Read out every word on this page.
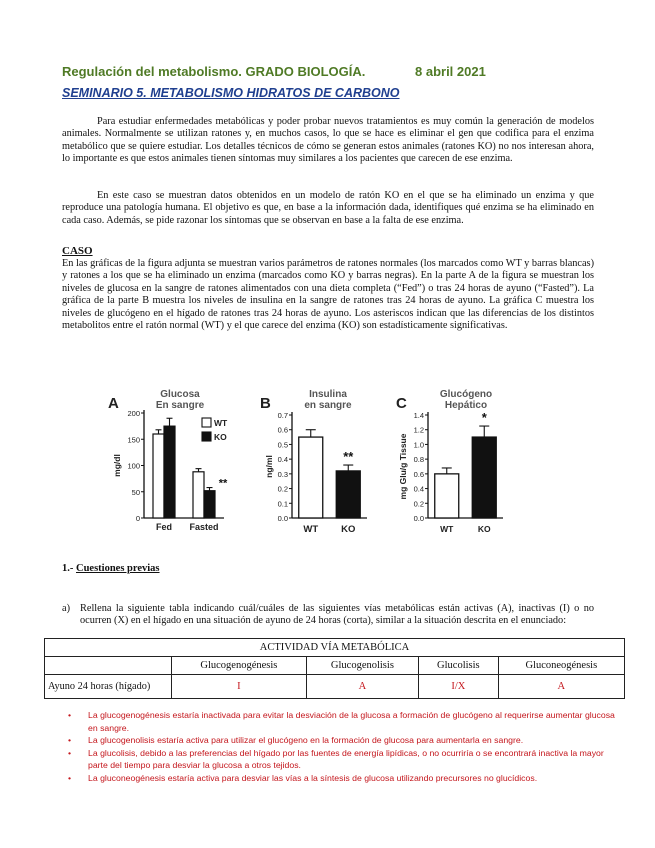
Regulación del metabolismo. GRADO BIOLOGÍA.	8 abril 2021
SEMINARIO 5. METABOLISMO HIDRATOS DE CARBONO
Para estudiar enfermedades metabólicas y poder probar nuevos tratamientos es muy común la generación de modelos animales. Normalmente se utilizan ratones y, en muchos casos, lo que se hace es eliminar el gen que codifica para el enzima metabólico que se quiere estudiar. Los detalles técnicos de cómo se generan estos animales (ratones KO) no nos interesan ahora, lo importante es que estos animales tienen síntomas muy similares a los pacientes que carecen de ese enzima.
En este caso se muestran datos obtenidos en un modelo de ratón KO en el que se ha eliminado un enzima y que reproduce una patología humana. El objetivo es que, en base a la información dada, identifiques qué enzima se ha eliminado en cada caso. Además, se pide razonar los síntomas que se observan en base a la falta de ese enzima.
CASO
En las gráficas de la figura adjunta se muestran varios parámetros de ratones normales (los marcados como WT y barras blancas) y ratones a los que se ha eliminado un enzima (marcados como KO y barras negras). En la parte A de la figura se muestran los niveles de glucosa en la sangre de ratones alimentados con una dieta completa (“Fed”) o tras 24 horas de ayuno (“Fasted”). La gráfica de la parte B muestra los niveles de insulina en la sangre de ratones tras 24 horas de ayuno. La gráfica C muestra los niveles de glucógeno en el hígado de ratones tras 24 horas de ayuno. Los asteriscos indican que las diferencias de los distintos metabolitos entre el ratón normal (WT) y el que carece del enzima (KO) son estadísticamente significativas.
A
Glucosa
En sangre
0
50
100
150
200
mg/dl
Fed Fasted
**
WT
KO
B
Insulina
en sangre
0.0
0.1
0.2
0.3
0.4
0.5
0.6
0.7
ng/ml
WT KO
**
C
Glucógeno
Hepático
0.0
0.2
0.4
0.6
0.8
1.0
1.2
1.4
mg Glu/g Tissue
WT	KO
*
1.- Cuestiones previas
a) Rellena la siguiente tabla indicando cuál/cuáles de las siguientes vías metabólicas están activas (A), inactivas (I) o no ocurren (X) en el hígado en una situación de ayuno de 24 horas (corta), similar a la situación descrita en el enunciado:
ACTIVIDAD VÍA METABÓLICA				
	Glucogenogénesis	Glucogenolisis	Glucolisis	Gluconeogénesis
Ayuno 24 horas (hígado)	I	A	I/X	A
• La glucogenogénesis estaría inactivada para evitar la desviación de la glucosa a formación de glucógeno al requerirse aumentar glucosa en sangre.
• La glucogenolisis estaría activa para utilizar el glucógeno en la formación de glucosa para aumentarla en sangre.
• La glucolisis, debido a las preferencias del hígado por las fuentes de energía lipídicas, o no ocurriría o se encontrará inactiva la mayor parte del tiempo para desviar la glucosa a otros tejidos.
• La gluconeogénesis estaría activa para desviar las vías a la síntesis de glucosa utilizando precursores no glucídicos.
